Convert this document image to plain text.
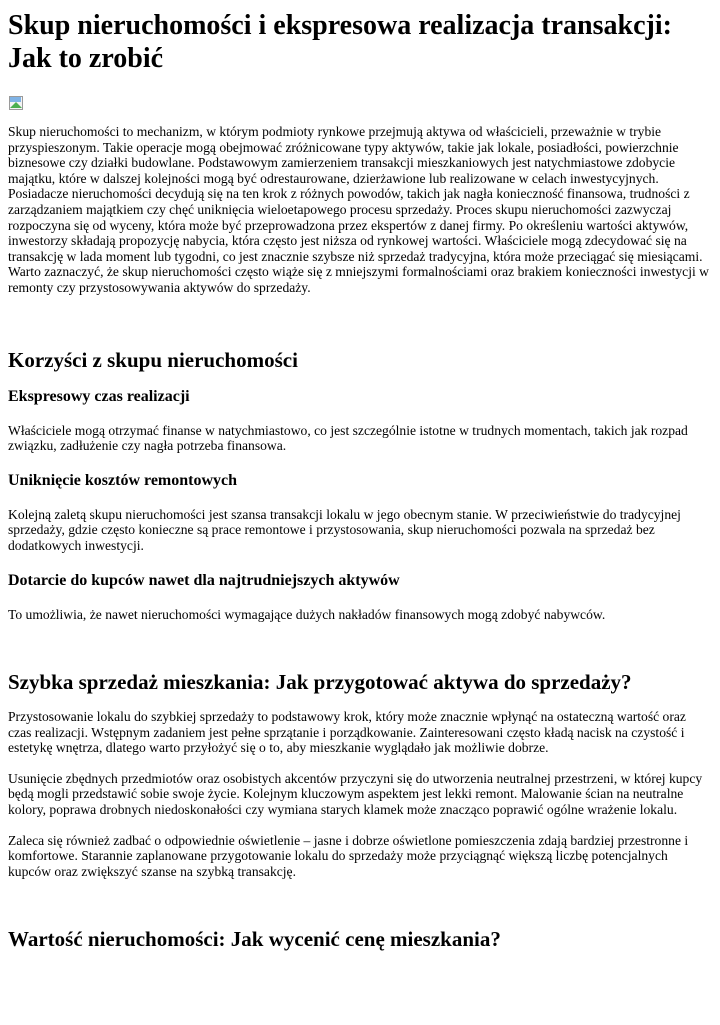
Skup nieruchomości i ekspresowa realizacja transakcji: Jak to zrobić

Skup nieruchomości to mechanizm, w którym podmioty rynkowe przejmują aktywa od właścicieli, przeważnie w trybie przyspieszonym. Takie operacje mogą obejmować zróżnicowane typy aktywów, takie jak lokale, posiadłości, powierzchnie biznesowe czy działki budowlane. Podstawowym zamierzeniem transakcji mieszkaniowych jest natychmiastowe zdobycie majątku, które w dalszej kolejności mogą być odrestaurowane, dzierżawione lub realizowane w celach inwestycyjnych. Posiadacze nieruchomości decydują się na ten krok z różnych powodów, takich jak nagła konieczność finansowa, trudności z zarządzaniem majątkiem czy chęć uniknięcia wieloetapowego procesu sprzedaży. Proces skupu nieruchomości zazwyczaj rozpoczyna się od wyceny, która może być przeprowadzona przez ekspertów z danej firmy. Po określeniu wartości aktywów, inwestorzy składają propozycję nabycia, która często jest niższa od rynkowej wartości. Właściciele mogą zdecydować się na transakcję w lada moment lub tygodni, co jest znacznie szybsze niż sprzedaż tradycyjna, która może przeciągać się miesiącami. Warto zaznaczyć, że skup nieruchomości często wiąże się z mniejszymi formalnościami oraz brakiem konieczności inwestycji w remonty czy przystosowywania aktywów do sprzedaży.

Korzyści z skupu nieruchomości
Ekspresowy czas realizacji

Właściciele mogą otrzymać finanse w natychmiastowo, co jest szczególnie istotne w trudnych momentach, takich jak rozpad związku, zadłużenie czy nagła potrzeba finansowa.

Uniknięcie kosztów remontowych

Kolejną zaletą skupu nieruchomości jest szansa transakcji lokalu w jego obecnym stanie. W przeciwieństwie do tradycyjnej sprzedaży, gdzie często konieczne są prace remontowe i przystosowania, skup nieruchomości pozwala na sprzedaż bez dodatkowych inwestycji.

Dotarcie do kupców nawet dla najtrudniejszych aktywów

To umożliwia, że nawet nieruchomości wymagające dużych nakładów finansowych mogą zdobyć nabywców.

Szybka sprzedaż mieszkania: Jak przygotować aktywa do sprzedaży?

Przystosowanie lokalu do szybkiej sprzedaży to podstawowy krok, który może znacznie wpłynąć na ostateczną wartość oraz czas realizacji. Wstępnym zadaniem jest pełne sprzątanie i porządkowanie. Zainteresowani często kładą nacisk na czystość i estetykę wnętrza, dlatego warto przyłożyć się o to, aby mieszkanie wyglądało jak możliwie dobrze.

Usunięcie zbędnych przedmiotów oraz osobistych akcentów przyczyni się do utworzenia neutralnej przestrzeni, w której kupcy będą mogli przedstawić sobie swoje życie. Kolejnym kluczowym aspektem jest lekki remont. Malowanie ścian na neutralne kolory, poprawa drobnych niedoskonałości czy wymiana starych klamek może znacząco poprawić ogólne wrażenie lokalu.

Zaleca się również zadbać o odpowiednie oświetlenie – jasne i dobrze oświetlone pomieszczenia zdają bardziej przestronne i komfortowe. Starannie zaplanowane przygotowanie lokalu do sprzedaży może przyciągnąć większą liczbę potencjalnych kupców oraz zwiększyć szanse na szybką transakcję.

Wartość nieruchomości: Jak wycenić cenę mieszkania?
